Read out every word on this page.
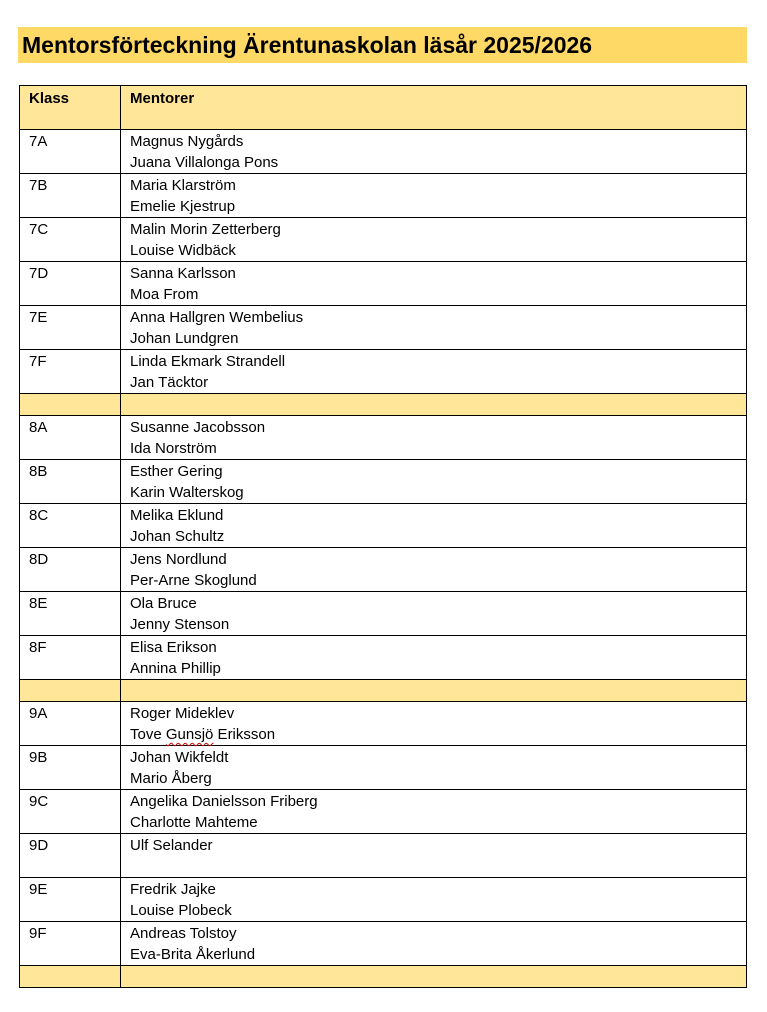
Mentorsförteckning Ärentunaskolan läsår 2025/2026
Klass	Mentorer
7A	Magnus Nygårds
Juana Villalonga Pons

7B	Maria Klarström
Emelie Kjestrup

7C	Malin Morin Zetterberg
Louise Widbäck

7D	Sanna Karlsson
Moa From

7E	Anna Hallgren Wembelius
Johan Lundgren

7F	Linda Ekmark Strandell
Jan Täcktor

8A	Susanne Jacobsson
Ida Norström

8B	Esther Gering
Karin Walterskog

8C	Melika Eklund
Johan Schultz

8D	Jens Nordlund
Per-Arne Skoglund

8E	Ola Bruce
Jenny Stenson

8F	Elisa Erikson
Annina Phillip

9A	Roger Mideklev
Tove Gunsjö Eriksson

9B	Johan Wikfeldt
Mario Åberg

9C	Angelika Danielsson Friberg
Charlotte Mahteme

9D	Ulf Selander

9E	Fredrik Jajke
Louise Plobeck

9F	Andreas Tolstoy
Eva-Brita Åkerlund
